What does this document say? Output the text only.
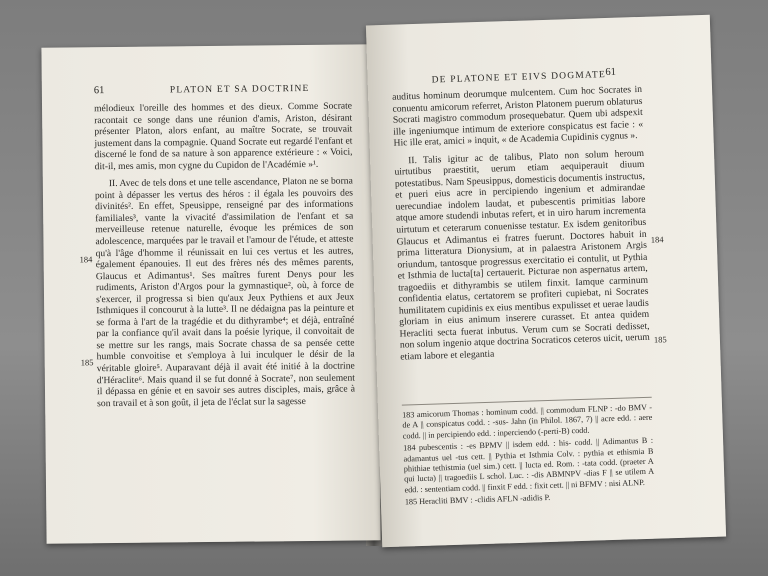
61	PLATON ET SA DOCTRINE

mélodieux l'oreille des hommes et des dieux. Comme Socrate racontait ce songe dans une réunion d'amis, Ariston, désirant présenter Platon, alors enfant, au maître Socrate, se trouvait justement dans la compagnie. Quand Socrate eut regardé l'enfant et discerné le fond de sa nature à son apparence extérieure : « Voici, dit-il, mes amis, mon cygne du Cupidon de l'Académie »¹.

II. Avec de tels dons et une telle ascendance, Platon ne se borna point à dépasser les vertus des héros : il égala les pouvoirs des divinités². En effet, Speusippe, renseigné par des informations familiales³, vante la vivacité d'assimilation de l'enfant et sa merveilleuse retenue naturelle, évoque les prémices de son adolescence, marquées par le travail et l'amour de l'étude, et atteste qu'à l'âge d'homme il réunissait en lui ces vertus et les autres, également épanouies. Il eut des frères nés des mêmes parents, Glaucus et Adimantus¹. Ses maîtres furent Denys pour les rudiments, Ariston d'Argos pour la gymnastique², où, à force de s'exercer, il progressa si bien qu'aux Jeux Pythiens et aux Jeux Isthmiques il concourut à la lutte³. Il ne dédaigna pas la peinture et se forma à l'art de la tragédie et du dithyrambe⁴; et déjà, entraîné par la confiance qu'il avait dans la poésie lyrique, il convoitait de se mettre sur les rangs, mais Socrate chassa de sa pensée cette humble convoitise et s'employa à lui inculquer le désir de la véritable gloire⁵. Auparavant déjà il avait été initié à la doctrine d'Héraclite⁶. Mais quand il se fut donné à Socrate⁷, non seulement il dépassa en génie et en savoir ses autres disciples, mais, grâce à son travail et à son goût, il jeta de l'éclat sur la sagesse

184
185
DE PLATONE ET EIVS DOGMATE 61

auditus hominum deorumque mulcentem. Cum hoc Socrates in conuentu amicorum referret, Ariston Platonem puerum oblaturus Socrati magistro commodum prosequebatur. Quem ubi adspexit ille ingeniumque intimum de exteriore conspicatus est facie : « Hic ille erat, amici » inquit, « de Academia Cupidinis cygnus ».

II. Talis igitur ac de talibus, Plato non solum heroum uirtutibus praestitit, uerum etiam aequiperauit diuum potestatibus. Nam Speusippus, domesticis documentis instructus, et pueri eius acre in percipiendo ingenium et admirandae uerecundiae indolem laudat, et pubescentis primitias labore atque amore studendi inbutas refert, et in uiro harum incrementa uirtutum et ceterarum conuenisse testatur. Ex isdem genitoribus Glaucus et Adimantus ei fratres fuerunt. Doctores habuit in prima litteratura Dionysium, at in palaestra Aristonem Argis oriundum, tantosque progressus exercitatio ei contulit, ut Pythia et Isthmia de lucta[ta] certauerit. Picturae non aspernatus artem, tragoediis et dithyrambis se utilem finxit. Iamque carminum confidentia elatus, certatorem se profiteri cupiebat, ni Socrates humilitatem cupidinis ex eius mentibus expulisset et uerae laudis gloriam in eius animum inserere curasset. Et antea quidem Heracliti secta fuerat inbutus. Verum cum se Socrati dedisset, non solum ingenio atque doctrina Socraticos ceteros uicit, uerum etiam labore et elegantia

184
185

183 amicorum Thomas : hominum codd. || commodum FLNP : -do BMV -de A || conspicatus codd. : -sus- Jahn (in Philol. 1867, 7) || acre edd. : aere codd. || in percipiendo edd. : inperciendo (-perti-B) codd.

184 pubescentis : -es BPMV || isdem edd. : his- codd. || Adimantus B : adamantus uel -tus cett. || Pythia et Isthmia Colv. : pythia et ethismia B phithiae tethistmia (uel sim.) cett. || lucta ed. Rom. : -tata codd. (praeter A qui lucta) || tragoediis L schol. Luc. : -dis ABMNPV -dias F || se utilem A edd. : sententiam codd. || finxit F edd. : fixit cett. || ni BFMV : nisi ALNP.

185 Heracliti BMV : -clidis AFLN -adidis P.
